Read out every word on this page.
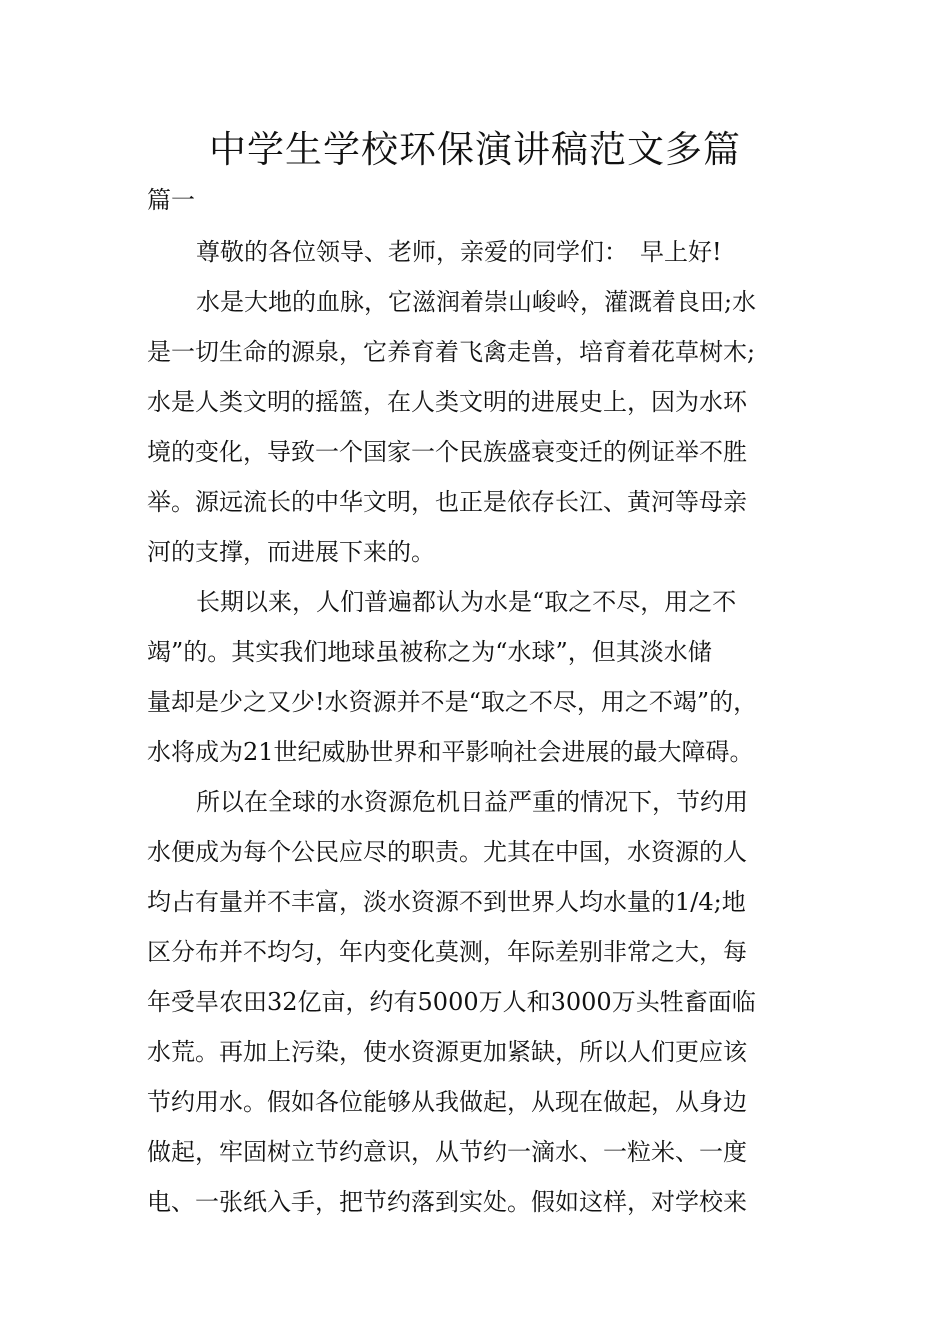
中学生学校环保演讲稿范文多篇

篇一

尊敬的各位领导、老师，亲爱的同学们：　早上好!

水是大地的血脉，它滋润着崇山峻岭，灌溉着良田;水

是一切生命的源泉，它养育着飞禽走兽，培育着花草树木;

水是人类文明的摇篮，在人类文明的进展史上，因为水环

境的变化，导致一个国家一个民族盛衰变迁的例证举不胜

举。源远流长的中华文明，也正是依存长江、黄河等母亲

河的支撑，而进展下来的。

长期以来，人们普遍都认为水是“取之不尽，用之不

竭”的。其实我们地球虽被称之为“水球”，但其淡水储

量却是少之又少!水资源并不是“取之不尽，用之不竭”的，

水将成为21世纪威胁世界和平影响社会进展的最大障碍。

所以在全球的水资源危机日益严重的情况下，节约用

水便成为每个公民应尽的职责。尤其在中国，水资源的人

均占有量并不丰富，淡水资源不到世界人均水量的1/4;地

区分布并不均匀，年内变化莫测，年际差别非常之大，每

年受旱农田32亿亩，约有5000万人和3000万头牲畜面临

水荒。再加上污染，使水资源更加紧缺，所以人们更应该

节约用水。假如各位能够从我做起，从现在做起，从身边

做起，牢固树立节约意识，从节约一滴水、一粒米、一度

电、一张纸入手，把节约落到实处。假如这样，对学校来
